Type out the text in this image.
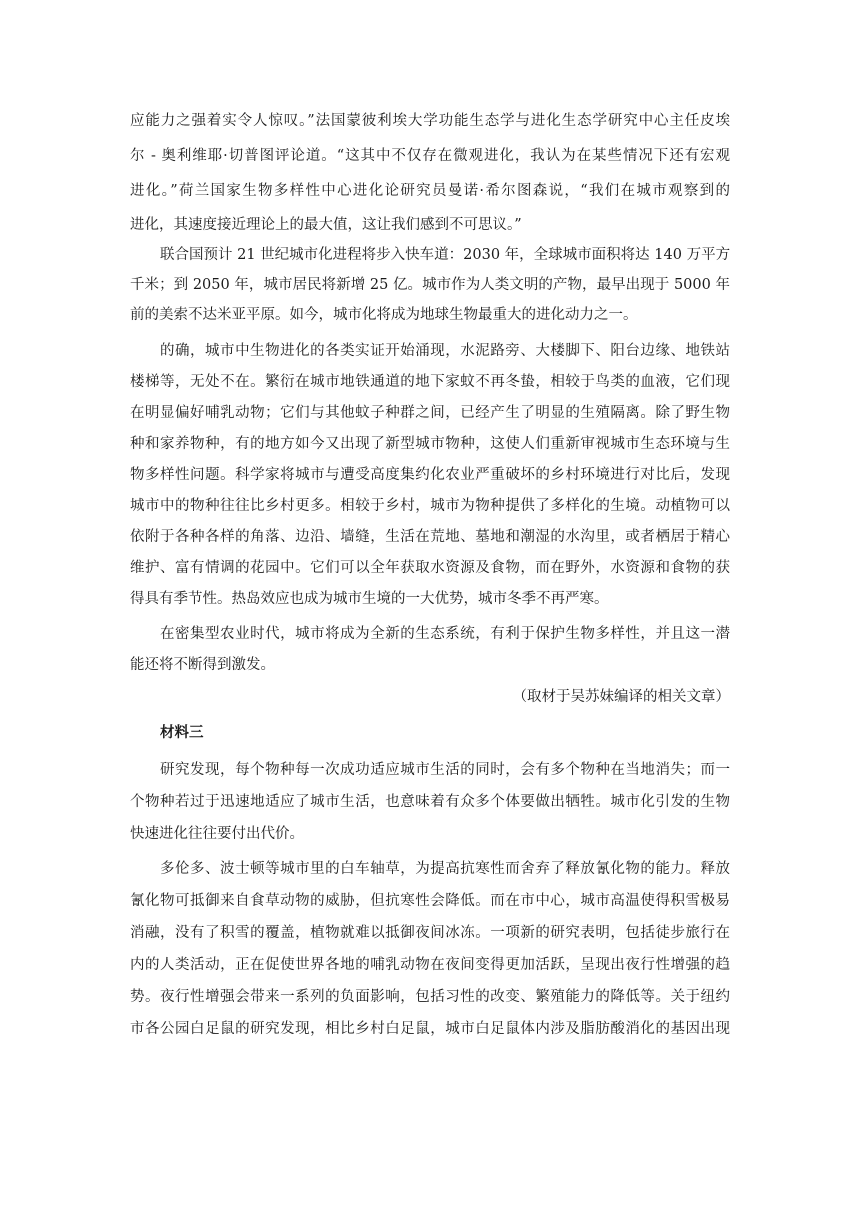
应能力之强着实令人惊叹。”法国蒙彼利埃大学功能生态学与进化生态学研究中心主任皮埃
尔 - 奥利维耶·切普图评论道。“这其中不仅存在微观进化，我认为在某些情况下还有宏观
进化。”荷兰国家生物多样性中心进化论研究员曼诺·希尔图森说，“我们在城市观察到的
进化，其速度接近理论上的最大值，这让我们感到不可思议。”
联合国预计 21 世纪城市化进程将步入快车道：2030 年，全球城市面积将达 140 万平方
千米；到 2050 年，城市居民将新增 25 亿。城市作为人类文明的产物，最早出现于 5000 年
前的美索不达米亚平原。如今，城市化将成为地球生物最重大的进化动力之一。
的确，城市中生物进化的各类实证开始涌现，水泥路旁、大楼脚下、阳台边缘、地铁站
楼梯等，无处不在。繁衍在城市地铁通道的地下家蚊不再冬蛰，相较于鸟类的血液，它们现
在明显偏好哺乳动物；它们与其他蚊子种群之间，已经产生了明显的生殖隔离。除了野生物
种和家养物种，有的地方如今又出现了新型城市物种，这使人们重新审视城市生态环境与生
物多样性问题。科学家将城市与遭受高度集约化农业严重破坏的乡村环境进行对比后，发现
城市中的物种往往比乡村更多。相较于乡村，城市为物种提供了多样化的生境。动植物可以
依附于各种各样的角落、边沿、墙缝，生活在荒地、墓地和潮湿的水沟里，或者栖居于精心
维护、富有情调的花园中。它们可以全年获取水资源及食物，而在野外，水资源和食物的获
得具有季节性。热岛效应也成为城市生境的一大优势，城市冬季不再严寒。
在密集型农业时代，城市将成为全新的生态系统，有利于保护生物多样性，并且这一潜
能还将不断得到激发。
（取材于吴苏妹编译的相关文章）
材料三
研究发现，每个物种每一次成功适应城市生活的同时，会有多个物种在当地消失；而一
个物种若过于迅速地适应了城市生活，也意味着有众多个体要做出牺牲。城市化引发的生物
快速进化往往要付出代价。
多伦多、波士顿等城市里的白车轴草，为提高抗寒性而舍弃了释放氰化物的能力。释放
氰化物可抵御来自食草动物的威胁，但抗寒性会降低。而在市中心，城市高温使得积雪极易
消融，没有了积雪的覆盖，植物就难以抵御夜间冰冻。一项新的研究表明，包括徒步旅行在
内的人类活动，正在促使世界各地的哺乳动物在夜间变得更加活跃，呈现出夜行性增强的趋
势。夜行性增强会带来一系列的负面影响，包括习性的改变、繁殖能力的降低等。关于纽约
市各公园白足鼠的研究发现，相比乡村白足鼠，城市白足鼠体内涉及脂肪酸消化的基因出现
